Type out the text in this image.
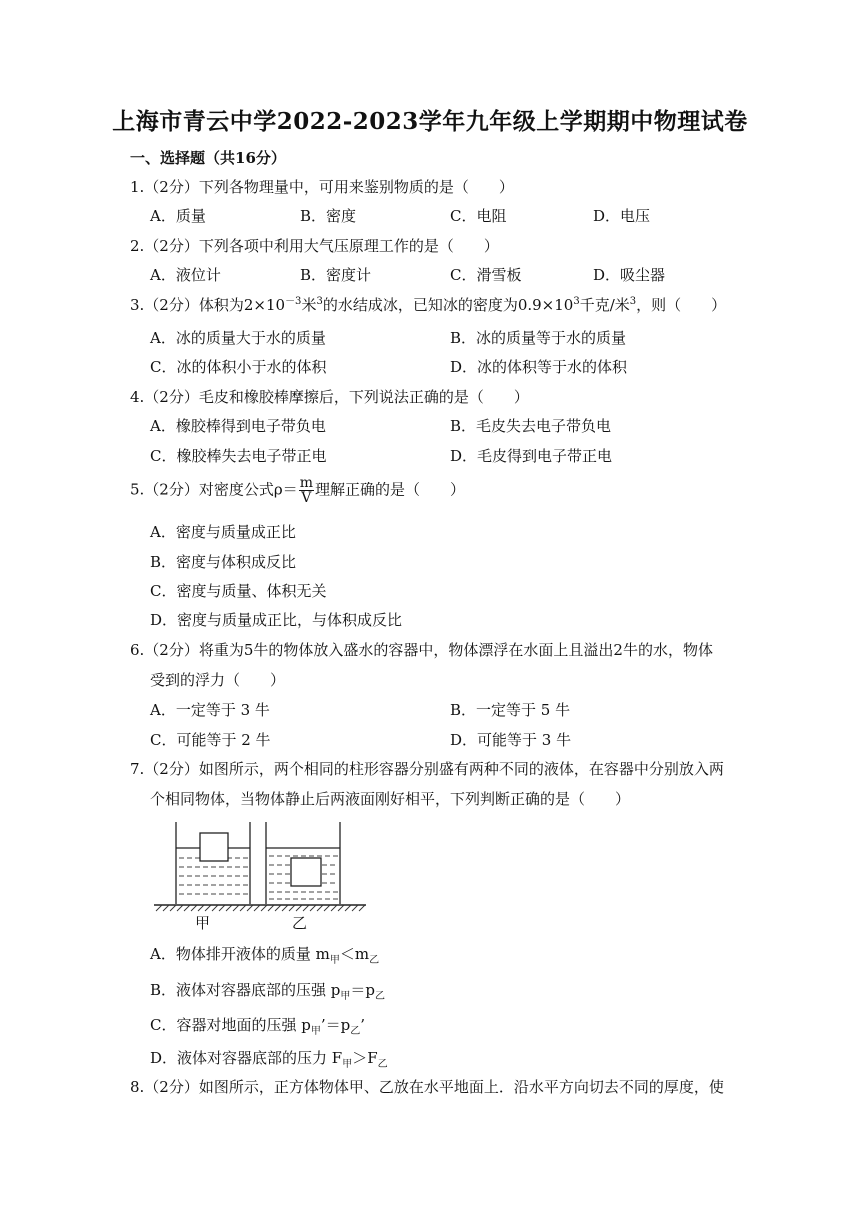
上海市青云中学2022-2023学年九年级上学期期中物理试卷
一、选择题（共16分）
1.（2分）下列各物理量中，可用来鉴别物质的是（　　）
A．质量	B．密度	C．电阻	D．电压
2.（2分）下列各项中利用大气压原理工作的是（　　）
A．液位计	B．密度计	C．滑雪板	D．吸尘器
3.（2分）体积为$2\times 10^{-3}$米$^3$的水结成冰，已知冰的密度为$0.9\times 10^3$千克/米$^3$，则（　　）
A．冰的质量大于水的质量	B．冰的质量等于水的质量
C．冰的体积小于水的体积	D．冰的体积等于水的体积
4.（2分）毛皮和橡胶棒摩擦后，下列说法正确的是（　　）
A．橡胶棒得到电子带负电	B．毛皮失去电子带负电
C．橡胶棒失去电子带正电	D．毛皮得到电子带正电
5.（2分）对密度公式$\rho= \frac{m}{V}$ 理解正确的是（　　）
A．密度与质量成正比
B．密度与体积成反比
C．密度与质量、体积无关
D．密度与质量成正比，与体积成反比
6.（2分）将重为5牛的物体放入盛水的容器中，物体漂浮在水面上且溢出2牛的水，物体
受到的浮力（　　）
A．一定等于 3 牛	B．一定等于 5 牛
C．可能等于 2 牛	D．可能等于 3 牛
7.（2分）如图所示，两个相同的柱形容器分别盛有两种不同的液体，在容器中分别放入两
个相同物体，当物体静止后两液面刚好相平，下列判断正确的是（　　）
甲	乙
A．物体排开液体的质量 $m_甲<m_乙$
B．液体对容器底部的压强 $p_甲=p_乙$
C．容器对地面的压强 $p_甲’=p_乙$’
D．液体对容器底部的压力 $F_甲>F_乙$
8.（2分）如图所示，正方体物体甲、乙放在水平地面上．沿水平方向切去不同的厚度，使
